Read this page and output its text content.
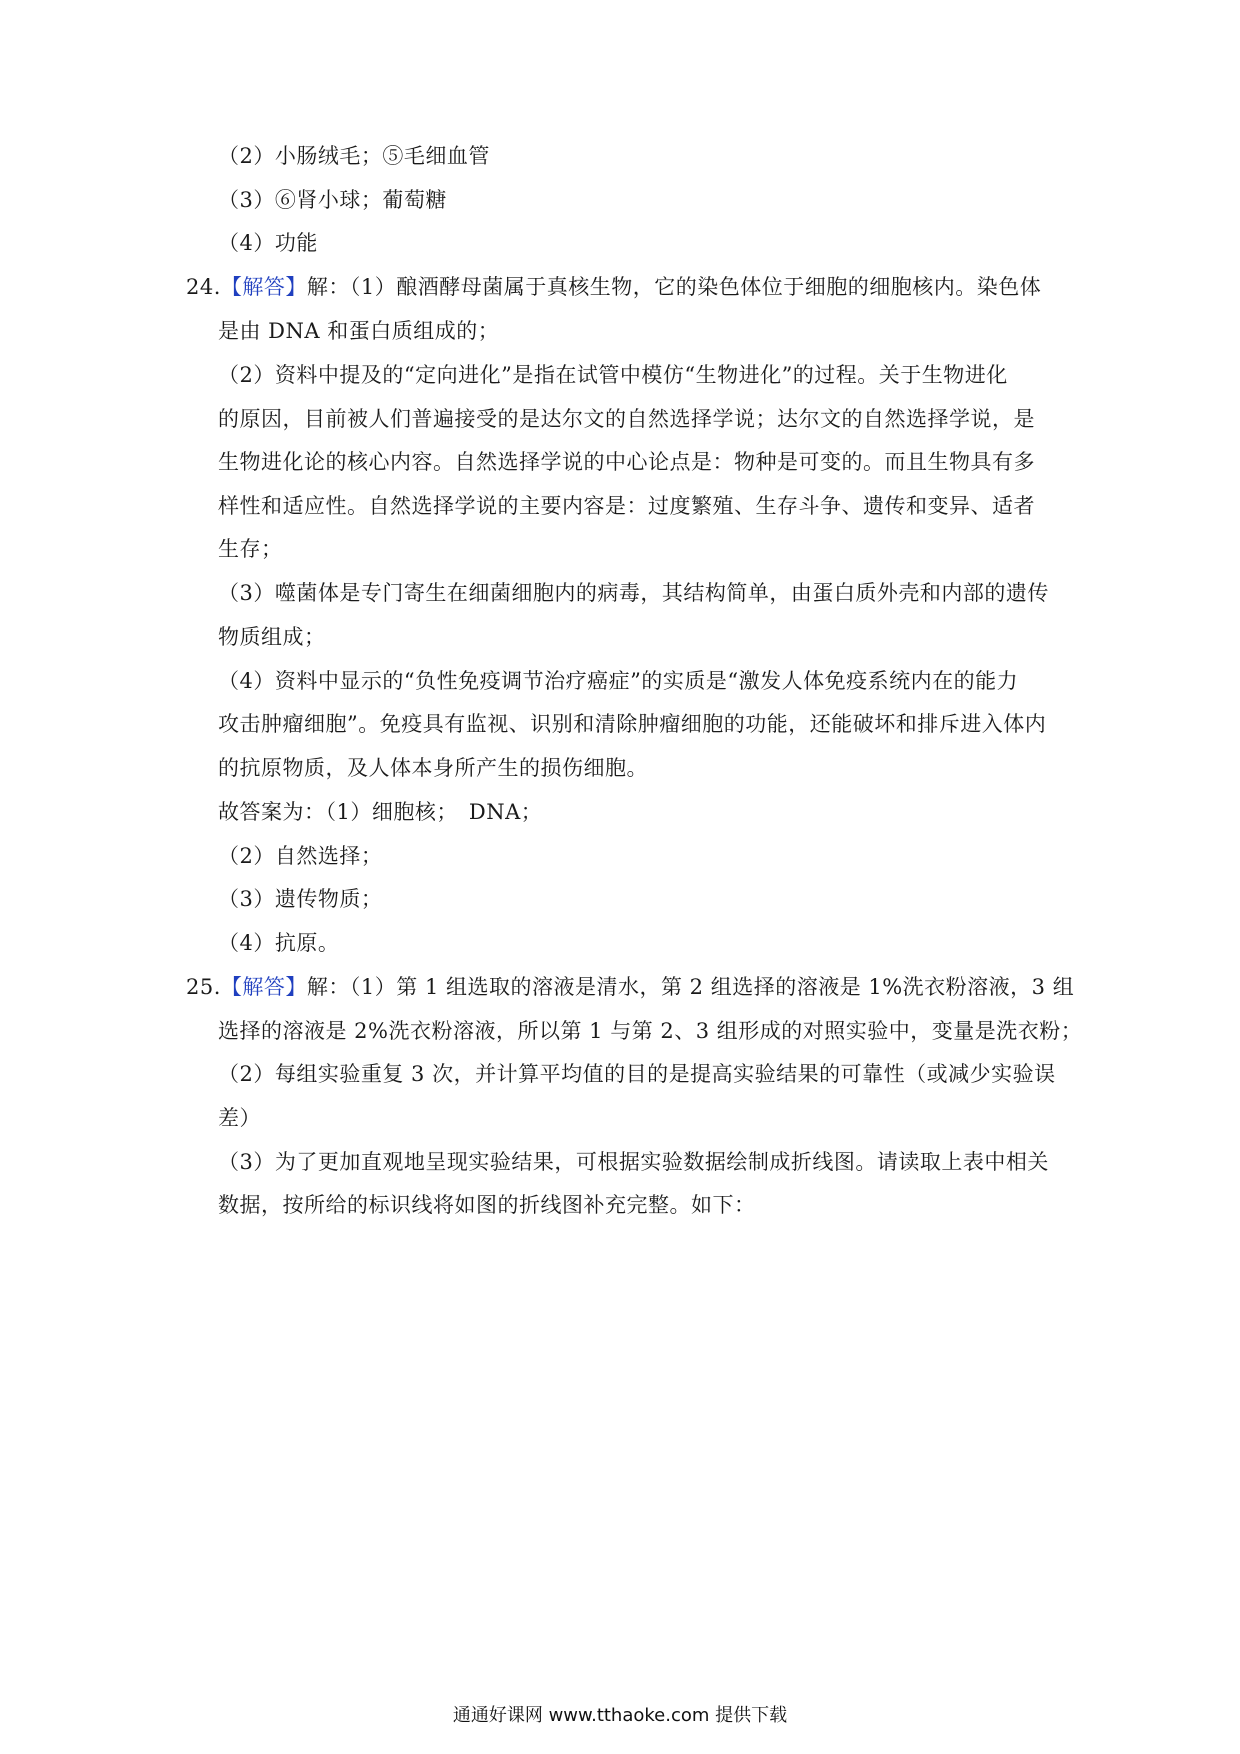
（2）小肠绒毛；⑤毛细血管
（3）⑥肾小球；葡萄糖
（4）功能
24.【解答】解：（1）酿酒酵母菌属于真核生物，它的染色体位于细胞的细胞核内。染色体
是由 DNA 和蛋白质组成的；
（2）资料中提及的“定向进化”是指在试管中模仿“生物进化”的过程。关于生物进化
的原因，目前被人们普遍接受的是达尔文的自然选择学说；达尔文的自然选择学说，是
生物进化论的核心内容。自然选择学说的中心论点是：物种是可变的。而且生物具有多
样性和适应性。自然选择学说的主要内容是：过度繁殖、生存斗争、遗传和变异、适者
生存；
（3）噬菌体是专门寄生在细菌细胞内的病毒，其结构简单，由蛋白质外壳和内部的遗传
物质组成；
（4）资料中显示的“负性免疫调节治疗癌症”的实质是“激发人体免疫系统内在的能力
攻击肿瘤细胞”。免疫具有监视、识别和清除肿瘤细胞的功能，还能破坏和排斥进入体内
的抗原物质，及人体本身所产生的损伤细胞。
故答案为：（1）细胞核；　DNA；
（2）自然选择；
（3）遗传物质；
（4）抗原。
25.【解答】解：（1）第 1 组选取的溶液是清水，第 2 组选择的溶液是 1%洗衣粉溶液，3 组
选择的溶液是 2%洗衣粉溶液，所以第 1 与第 2、3 组形成的对照实验中，变量是洗衣粉；
（2）每组实验重复 3 次，并计算平均值的目的是提高实验结果的可靠性（或减少实验误
差）
（3）为了更加直观地呈现实验结果，可根据实验数据绘制成折线图。请读取上表中相关
数据，按所给的标识线将如图的折线图补充完整。如下：
通通好课网 www.tthaoke.com 提供下载
